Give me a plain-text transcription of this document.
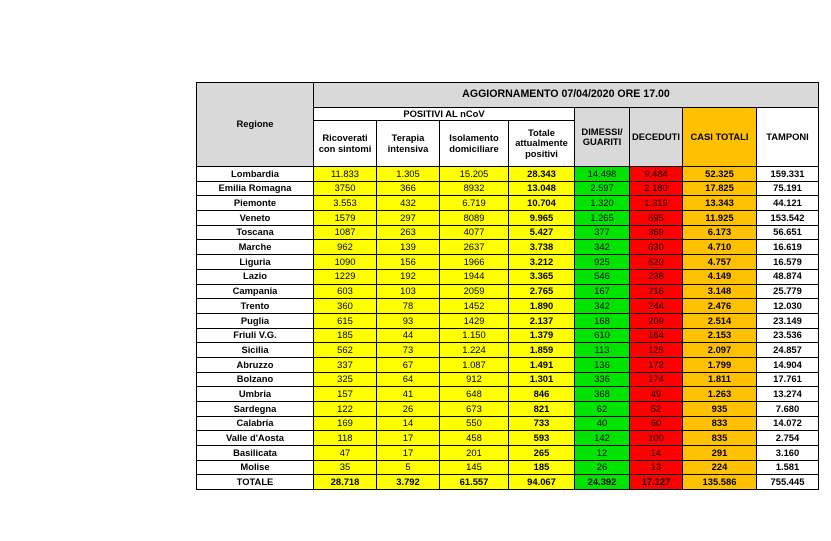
Regione	AGGIORNAMENTO 07/04/2020 ORE 17.00							
	POSITIVI AL nCoV				DIMESSI/ GUARITI	DECEDUTI	CASI TOTALI	TAMPONI
	Ricoverati con sintomi	Terapia intensiva	Isolamento domiciliare	Totale attualmente positivi				
Lombardia	11.833	1.305	15.205	28.343	14.498	9.484	52.325	159.331
Emilia Romagna	3750	366	8932	13.048	2.597	2.180	17.825	75.191
Piemonte	3.553	432	6.719	10.704	1.320	1.319	13.343	44.121
Veneto	1579	297	8089	9.965	1.265	695	11.925	153.542
Toscana	1087	263	4077	5.427	377	369	6.173	56.651
Marche	962	139	2637	3.738	342	630	4.710	16.619
Liguria	1090	156	1966	3.212	925	620	4.757	16.579
Lazio	1229	192	1944	3.365	546	238	4.149	48.874
Campania	603	103	2059	2.765	167	216	3.148	25.779
Trento	360	78	1452	1.890	342	244	2.476	12.030
Puglia	615	93	1429	2.137	168	209	2.514	23.149
Friuli V.G.	185	44	1.150	1.379	610	164	2.153	23.536
Sicilia	562	73	1.224	1.859	113	125	2.097	24.857
Abruzzo	337	67	1.087	1.491	136	172	1.799	14.904
Bolzano	325	64	912	1.301	336	174	1.811	17.761
Umbria	157	41	648	846	368	49	1.263	13.274
Sardegna	122	26	673	821	62	52	935	7.680
Calabria	169	14	550	733	40	60	833	14.072
Valle d'Aosta	118	17	458	593	142	100	835	2.754
Basilicata	47	17	201	265	12	14	291	3.160
Molise	35	5	145	185	26	13	224	1.581
TOTALE	28.718	3.792	61.557	94.067	24.392	17.127	135.586	755.445
